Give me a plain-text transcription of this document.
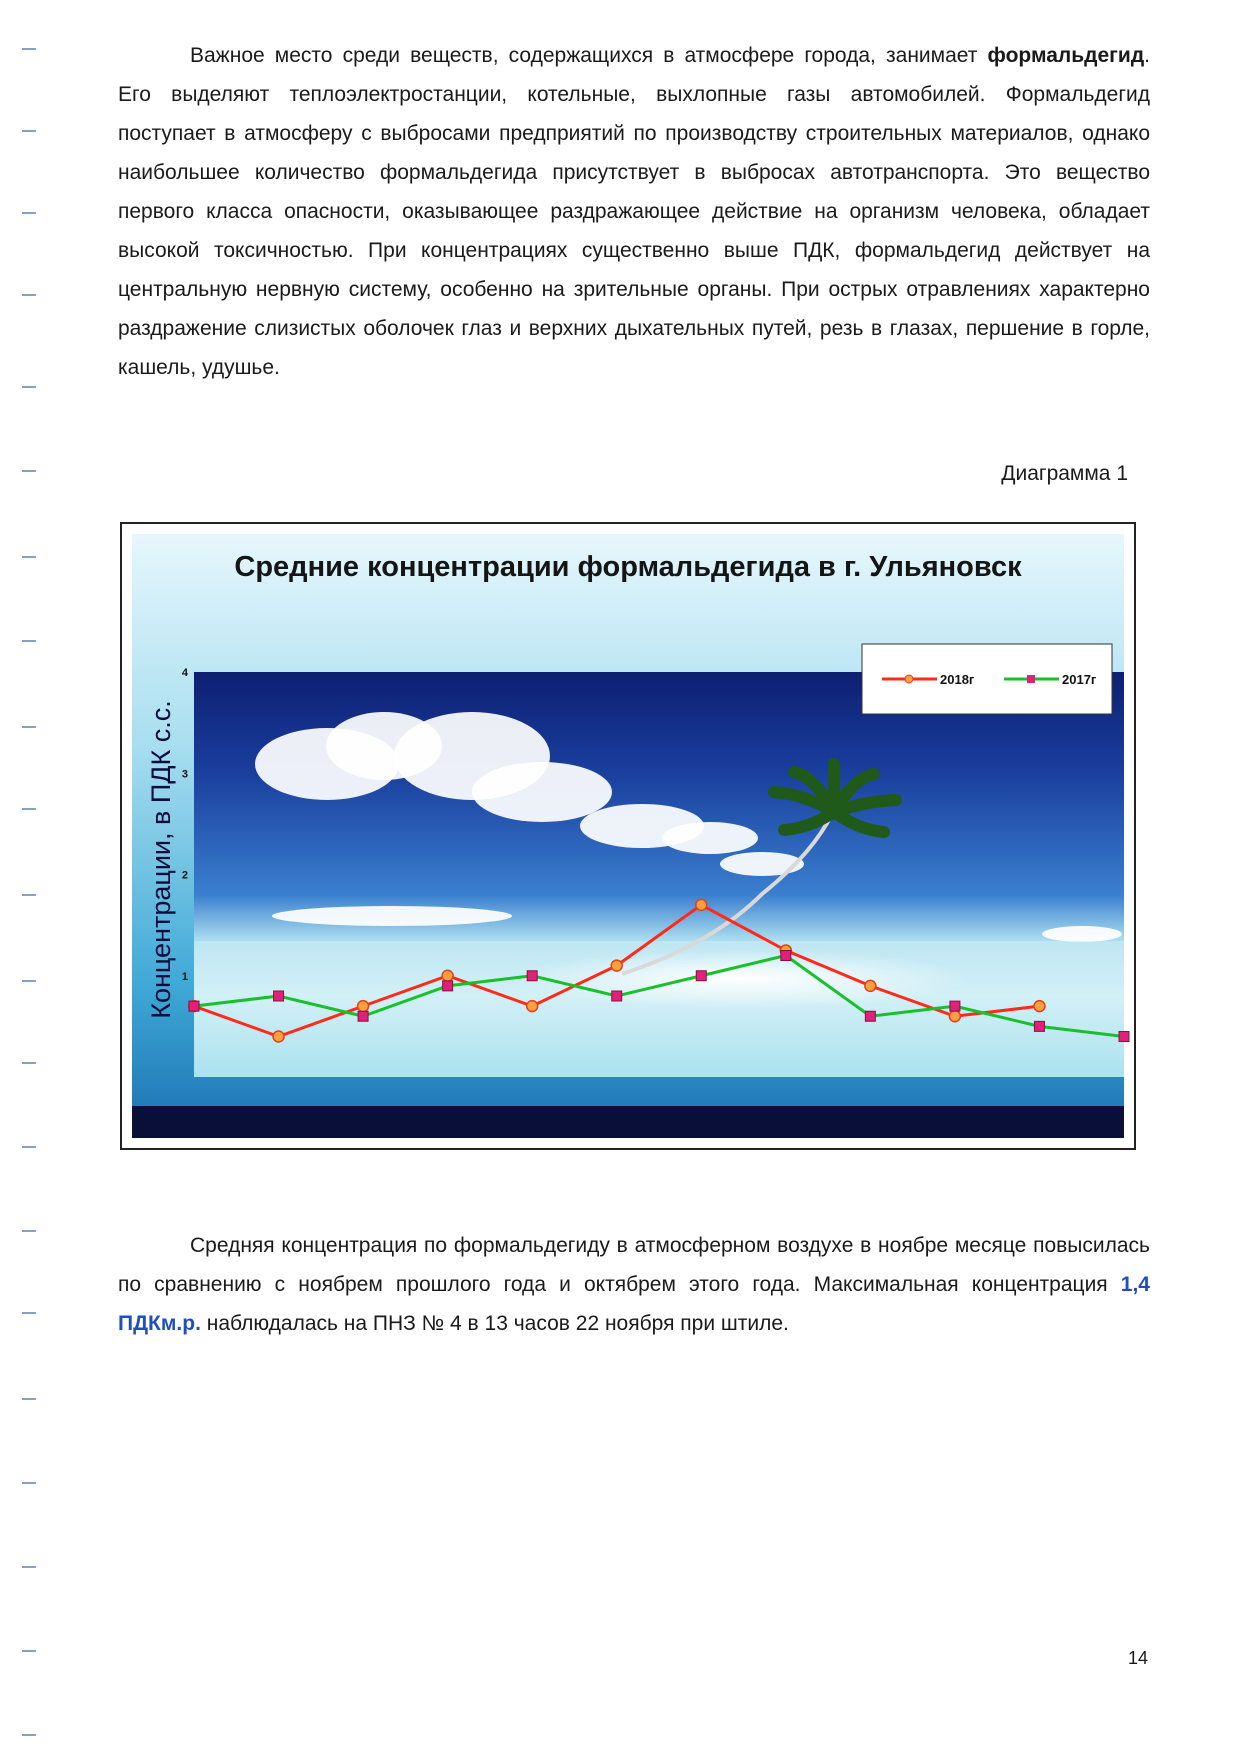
Важное место среди веществ, содержащихся в атмосфере города, занимает формальдегид. Его выделяют теплоэлектростанции, котельные, выхлопные газы автомобилей. Формальдегид поступает в атмосферу с выбросами предприятий по производству строительных материалов, однако наибольшее количество формальдегида присутствует в выбросах автотранспорта. Это вещество первого класса опасности, оказывающее раздражающее действие на организм человека, обладает высокой токсичностью. При концентрациях существенно выше ПДК, формальдегид действует на центральную нервную систему, особенно на зрительные органы. При острых отравлениях характерно раздражение слизистых оболочек глаз и верхних дыхательных путей, резь в глазах, першение в горле, кашель, удушье.

Диаграмма 1
Средние концентрации формальдегида в г. Ульяновск
Концентрации, в ПДК с.с. 1
2
3
4	2018г	2017г

Средняя концентрация по формальдегиду в атмосферном воздухе в ноябре месяце повысилась по сравнению с ноябрем прошлого года и октябрем этого года. Максимальная концентрация 1,4 ПДКм.р. наблюдалась на ПНЗ № 4 в 13 часов 22 ноября при штиле.

14
